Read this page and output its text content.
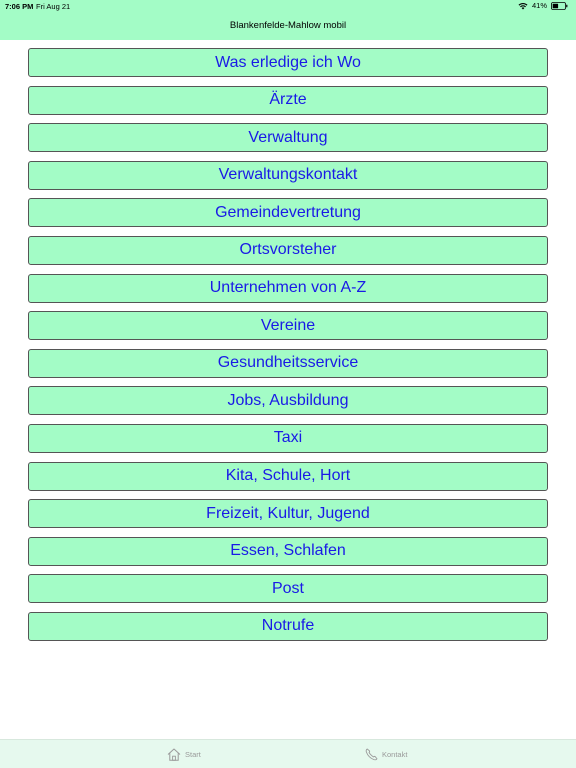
7:06 PM Fri Aug 21	41%
Blankenfelde-Mahlow mobil
Was erledige ich Wo
Ärzte
Verwaltung
Verwaltungskontakt
Gemeindevertretung
Ortsvorsteher
Unternehmen von A-Z
Vereine
Gesundheitsservice
Jobs, Ausbildung
Taxi
Kita, Schule, Hort
Freizeit, Kultur, Jugend
Essen, Schlafen
Post
Notrufe
Start	Kontakt
